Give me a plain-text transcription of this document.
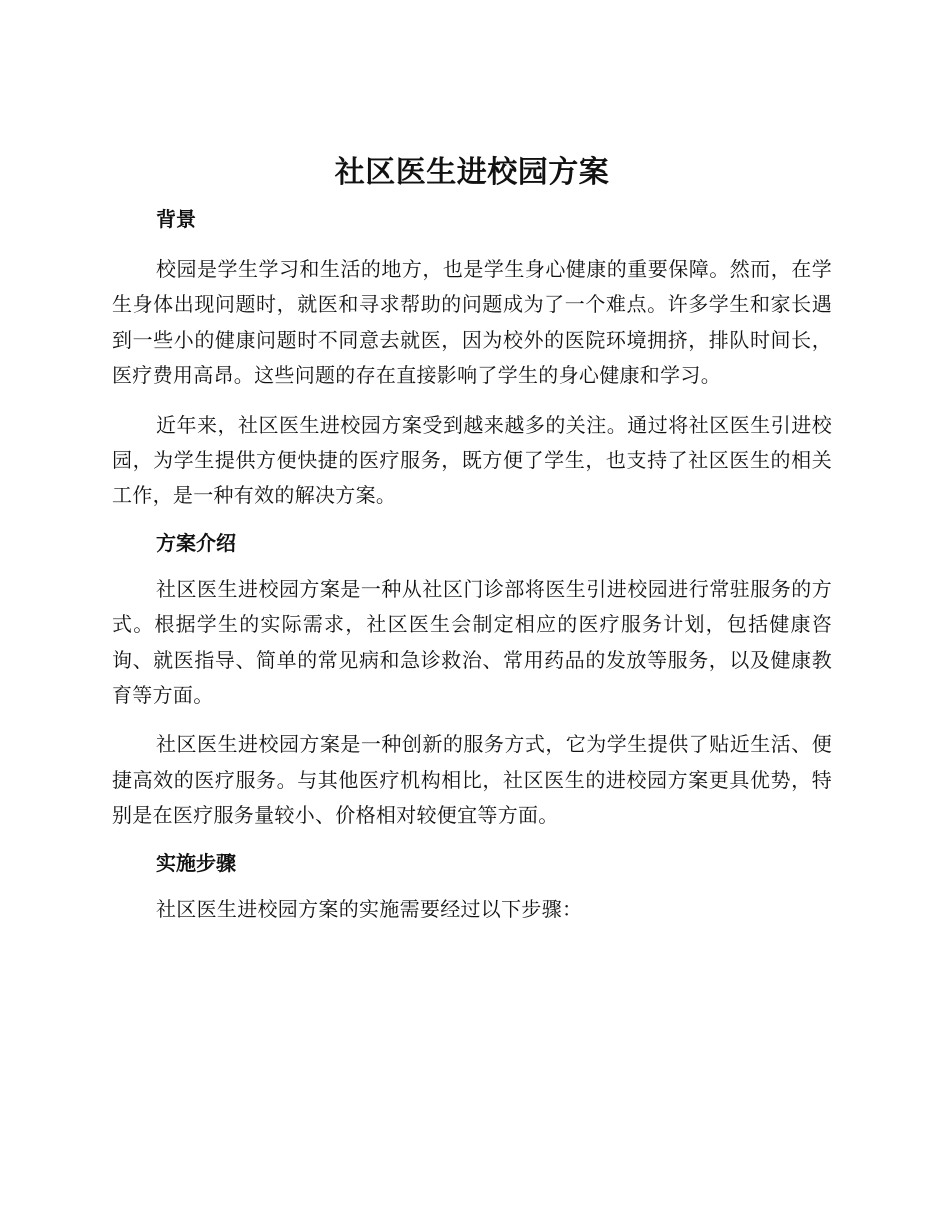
社区医生进校园方案
背景

校园是学生学习和生活的地方，也是学生身心健康的重要保障。然而，在学生身体出现问题时，就医和寻求帮助的问题成为了一个难点。许多学生和家长遇到一些小的健康问题时不同意去就医，因为校外的医院环境拥挤，排队时间长，医疗费用高昂。这些问题的存在直接影响了学生的身心健康和学习。

近年来，社区医生进校园方案受到越来越多的关注。通过将社区医生引进校园，为学生提供方便快捷的医疗服务，既方便了学生，也支持了社区医生的相关工作，是一种有效的解决方案。

方案介绍

社区医生进校园方案是一种从社区门诊部将医生引进校园进行常驻服务的方式。根据学生的实际需求，社区医生会制定相应的医疗服务计划，包括健康咨询、就医指导、简单的常见病和急诊救治、常用药品的发放等服务，以及健康教育等方面。

社区医生进校园方案是一种创新的服务方式，它为学生提供了贴近生活、便捷高效的医疗服务。与其他医疗机构相比，社区医生的进校园方案更具优势，特别是在医疗服务量较小、价格相对较便宜等方面。

实施步骤

社区医生进校园方案的实施需要经过以下步骤：
